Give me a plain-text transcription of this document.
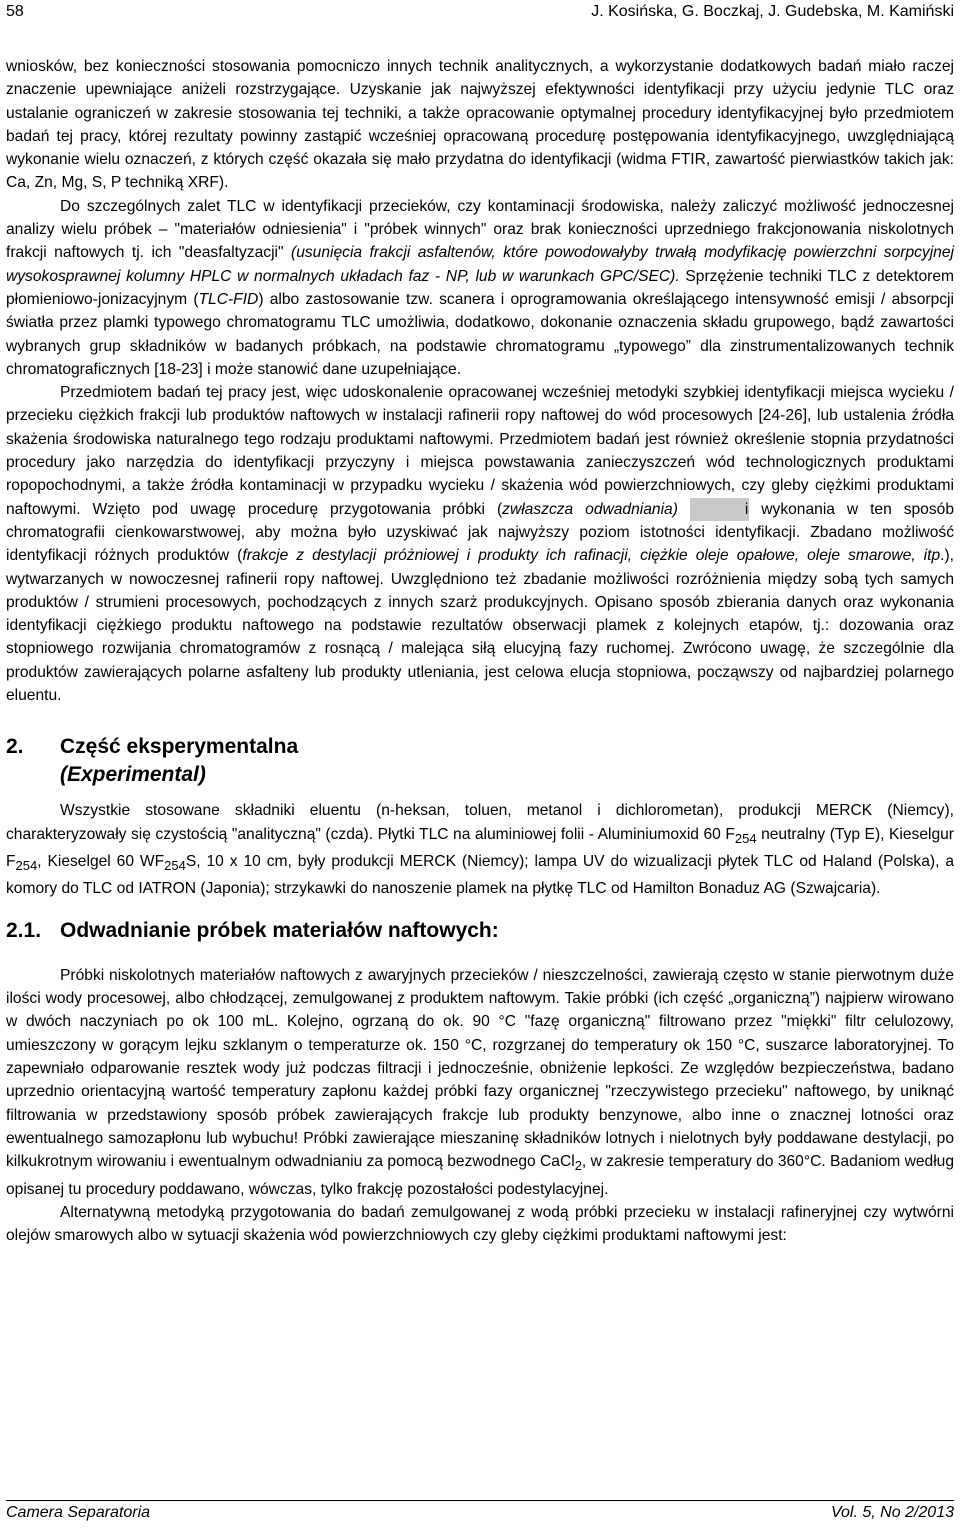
58	J. Kosińska, G. Boczkaj, J. Gudebska, M. Kamiński

wniosków, bez konieczności stosowania pomocniczo innych technik analitycznych, a wykorzystanie dodatkowych badań miało raczej znaczenie upewniające aniżeli rozstrzygające. Uzyskanie jak najwyższej efektywności identyfikacji przy użyciu jedynie TLC oraz ustalanie ograniczeń w zakresie stosowania tej techniki, a także opracowanie optymalnej procedury identyfikacyjnej było przedmiotem badań tej pracy, której rezultaty powinny zastąpić wcześniej opracowaną procedurę postępowania identyfikacyjnego, uwzględniającą wykonanie wielu oznaczeń, z których część okazała się mało przydatna do identyfikacji (widma FTIR, zawartość pierwiastków takich jak: Ca, Zn, Mg, S, P techniką XRF).

Do szczególnych zalet TLC w identyfikacji przecieków, czy kontaminacji środowiska, należy zaliczyć możliwość jednoczesnej analizy wielu próbek – "materiałów odniesienia" i "próbek winnych" oraz brak konieczności uprzedniego frakcjonowania niskolotnych frakcji naftowych tj. ich "deasfaltyzacji" (usunięcia frakcji asfaltenów, które powodowałyby trwałą modyfikację powierzchni sorpcyjnej wysokosprawnej kolumny HPLC w normalnych układach faz - NP, lub w warunkach GPC/SEC). Sprzężenie techniki TLC z detektorem płomieniowo-jonizacyjnym (TLC-FID) albo zastosowanie tzw. scanera i oprogramowania określającego intensywność emisji / absorpcji światła przez plamki typowego chromatogramu TLC umożliwia, dodatkowo, dokonanie oznaczenia składu grupowego, bądź zawartości wybranych grup składników w badanych próbkach, na podstawie chromatogramu „typowego” dla zinstrumentalizowanych technik chromatograficznych [18-23] i może stanowić dane uzupełniające.

Przedmiotem badań tej pracy jest, więc udoskonalenie opracowanej wcześniej metodyki szybkiej identyfikacji miejsca wycieku / przecieku ciężkich frakcji lub produktów naftowych w instalacji rafinerii ropy naftowej do wód procesowych [24-26], lub ustalenia źródła skażenia środowiska naturalnego tego rodzaju produktami naftowymi. Przedmiotem badań jest również określenie stopnia przydatności procedury jako narzędzia do identyfikacji przyczyny i miejsca powstawania zanieczyszczeń wód technologicznych produktami ropopochodnymi, a także źródła kontaminacji w przypadku wycieku / skażenia wód powierzchniowych, czy gleby ciężkimi produktami naftowymi. Wzięto pod uwagę procedurę przygotowania próbki (zwłaszcza odwadniania)	i wykonania w ten sposób chromatografii cienkowarstwowej, aby można było uzyskiwać jak najwyższy poziom istotności identyfikacji. Zbadano możliwość identyfikacji różnych produktów (frakcje z destylacji próżniowej i produkty ich rafinacji, ciężkie oleje opałowe, oleje smarowe, itp.), wytwarzanych w nowoczesnej rafinerii ropy naftowej. Uwzględniono też zbadanie możliwości rozróżnienia między sobą tych samych produktów / strumieni procesowych, pochodzących z innych szarż produkcyjnych. Opisano sposób zbierania danych oraz wykonania identyfikacji ciężkiego produktu naftowego na podstawie rezultatów obserwacji plamek z kolejnych etapów, tj.: dozowania oraz stopniowego rozwijania chromatogramów z rosnącą / malejąca siłą elucyjną fazy ruchomej. Zwrócono uwagę, że szczególnie dla produktów zawierających polarne asfalteny lub produkty utleniania, jest celowa elucja stopniowa, począwszy od najbardziej polarnego eluentu.

2.	Część eksperymentalna
(Experimental)

Wszystkie stosowane składniki eluentu (n-heksan, toluen, metanol i dichlorometan), produkcji MERCK (Niemcy), charakteryzowały się czystością "analityczną" (czda). Płytki TLC na aluminiowej folii - Aluminiumoxid 60 $F_{254}$ neutralny (Typ E), Kieselgur $F_{254}$, Kieselgel 60 $WF_{254}S$, 10 x 10 cm, były produkcji MERCK (Niemcy); lampa UV do wizualizacji płytek TLC od Haland (Polska), a komory do TLC od IATRON (Japonia); strzykawki do nanoszenie plamek na płytkę TLC od Hamilton Bonaduz AG (Szwajcaria).

2.1. Odwadnianie próbek materiałów naftowych:

Próbki niskolotnych materiałów naftowych z awaryjnych przecieków / nieszczelności, zawierają często w stanie pierwotnym duże ilości wody procesowej, albo chłodzącej, zemulgowanej z produktem naftowym. Takie próbki (ich część „organiczną”) najpierw wirowano w dwóch naczyniach po ok 100 mL. Kolejno, ogrzaną do ok. 90 °C "fazę organiczną" filtrowano przez "miękki" filtr celulozowy, umieszczony w gorącym lejku szklanym o temperaturze ok. 150 °C, rozgrzanej do temperatury ok 150 °C, suszarce laboratoryjnej. To zapewniało odparowanie resztek wody już podczas filtracji i jednocześnie, obniżenie lepkości. Ze względów bezpieczeństwa, badano uprzednio orientacyjną wartość temperatury zapłonu każdej próbki fazy organicznej "rzeczywistego przecieku" naftowego, by uniknąć filtrowania w przedstawiony sposób próbek zawierających frakcje lub produkty benzynowe, albo inne o znacznej lotności oraz ewentualnego samozapłonu lub wybuchu! Próbki zawierające mieszaninę składników lotnych i nielotnych były poddawane destylacji, po kilkukrotnym wirowaniu i ewentualnym odwadnianiu za pomocą bezwodnego CaCl$_2$, w zakresie temperatury do 360°C. Badaniom według opisanej tu procedury poddawano, wówczas, tylko frakcję pozostałości podestylacyjnej.

Alternatywną metodyką przygotowania do badań zemulgowanej z wodą próbki przecieku w instalacji rafineryjnej czy wytwórni olejów smarowych albo w sytuacji skażenia wód powierzchniowych czy gleby ciężkimi produktami naftowymi jest:

Camera Separatoria	Vol. 5, No 2/2013
